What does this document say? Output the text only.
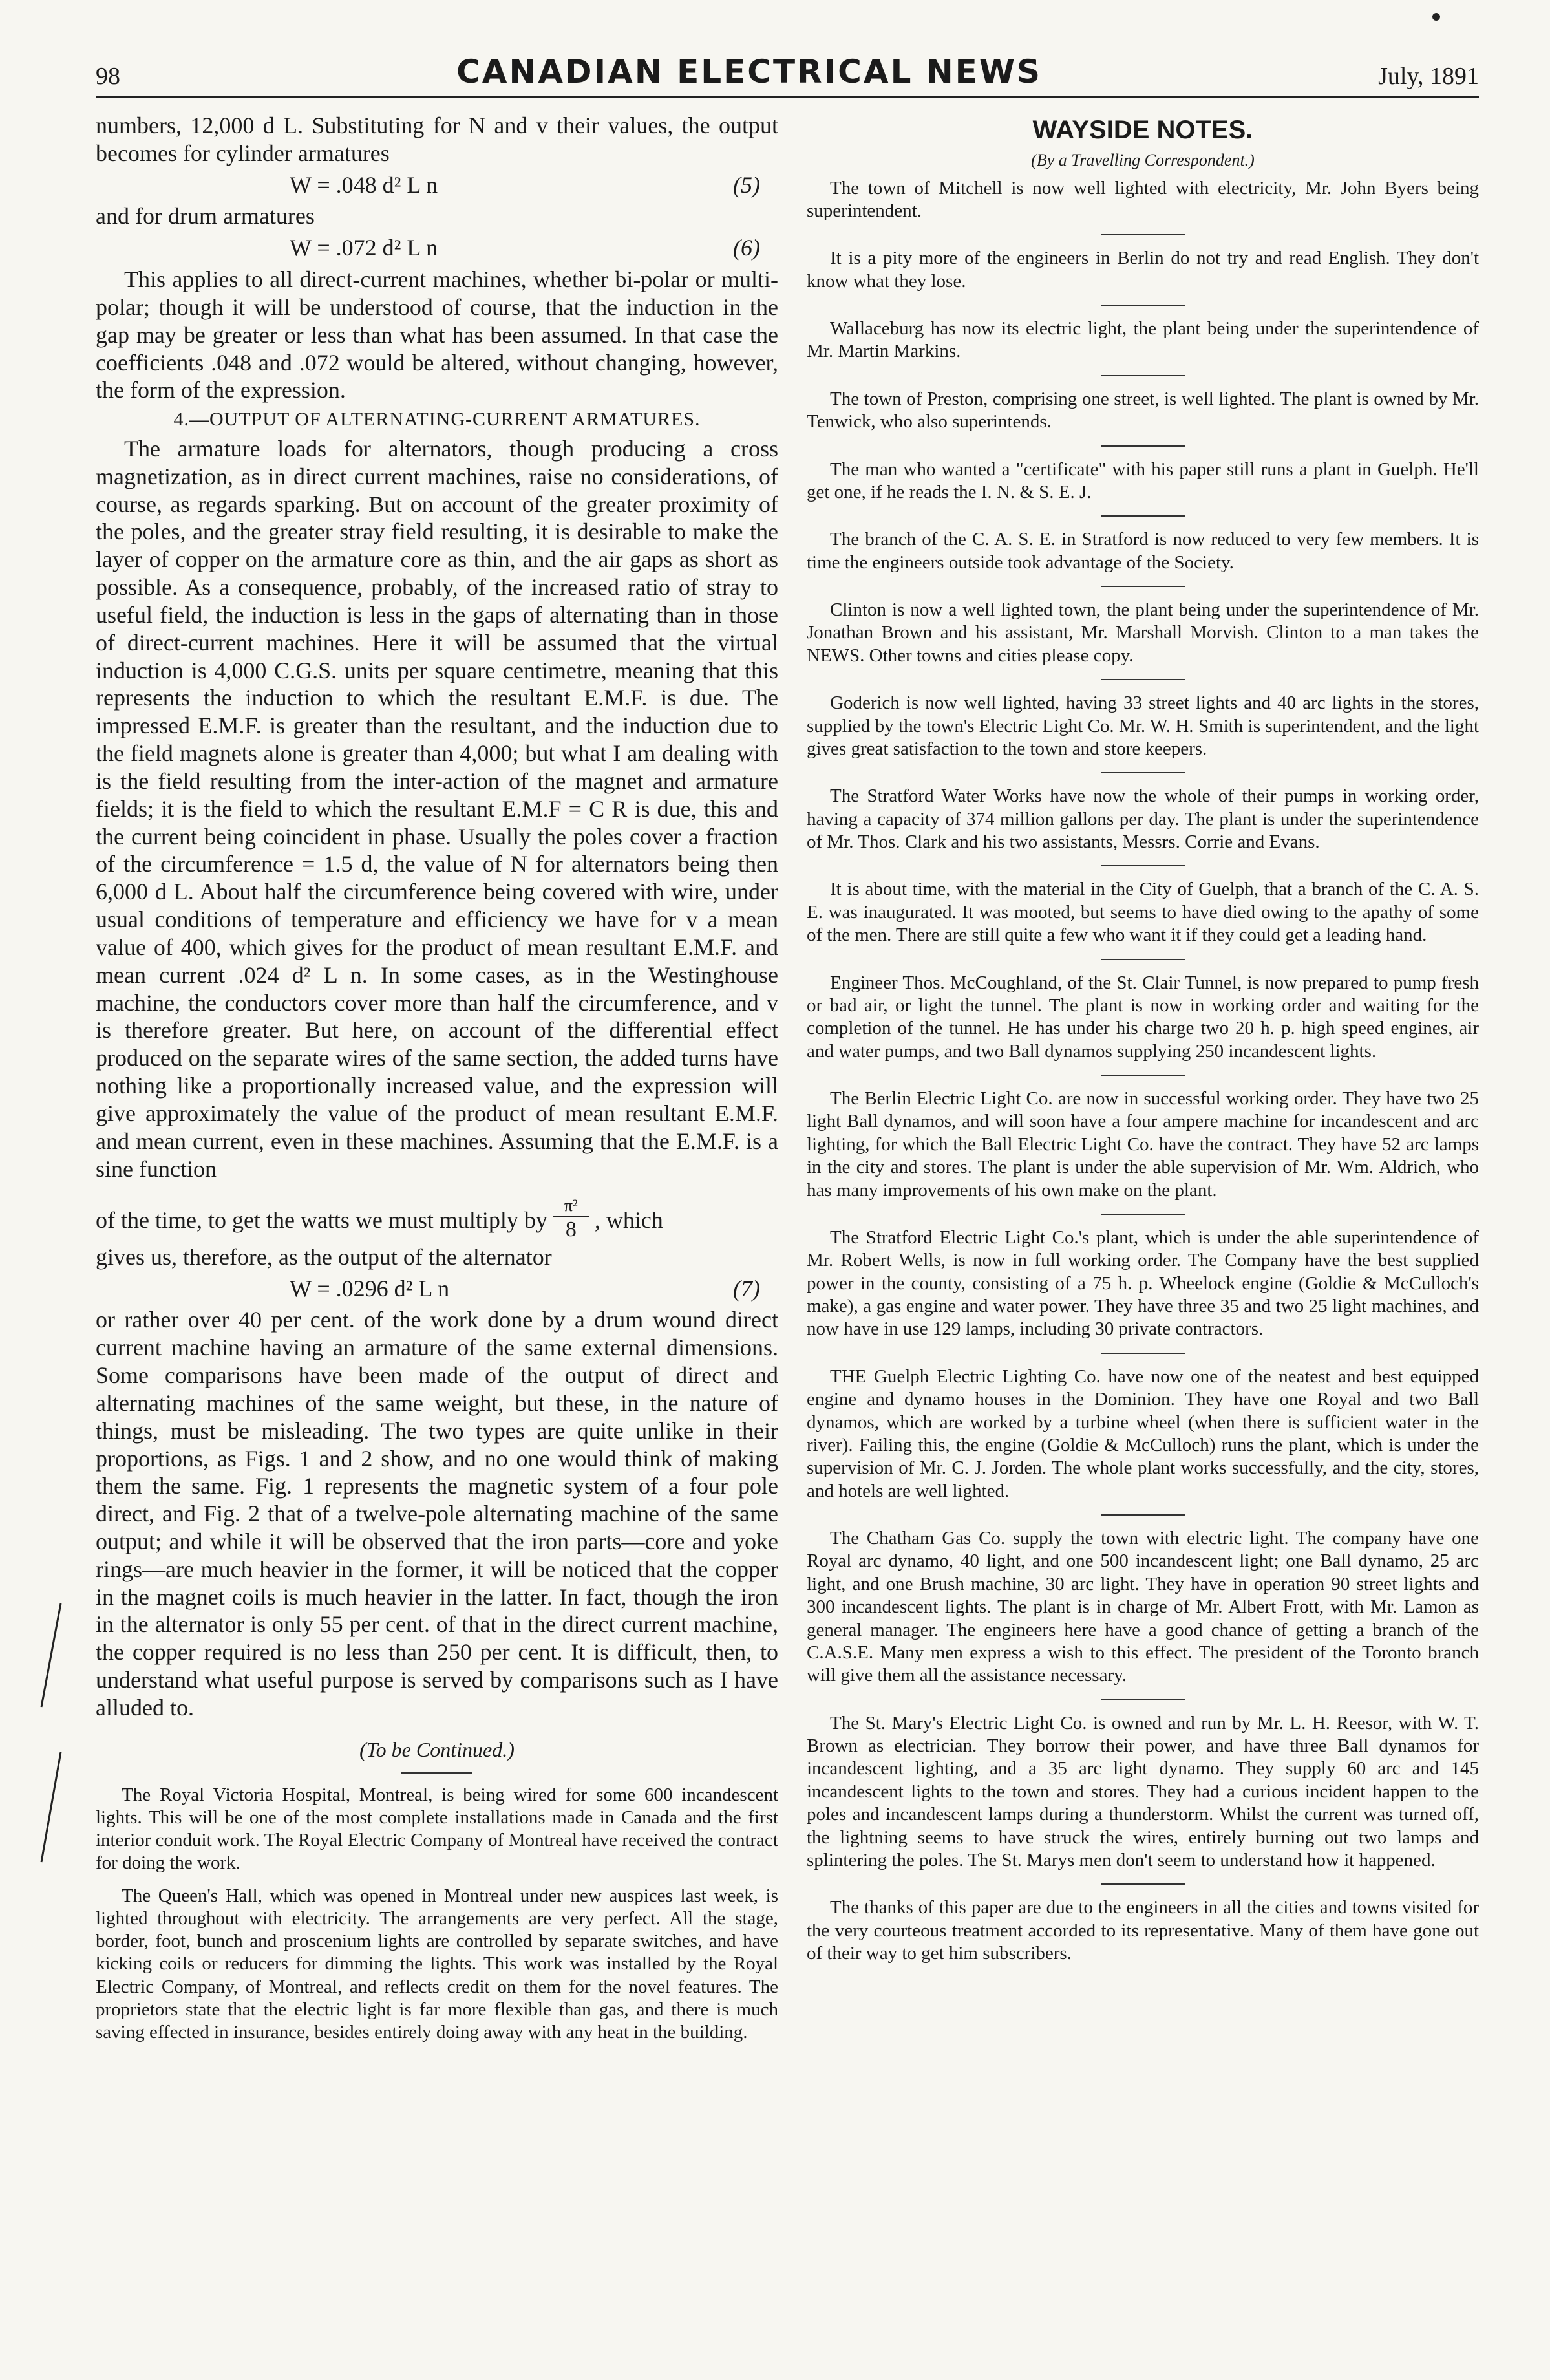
98	CANADIAN ELECTRICAL NEWS	July, 1891

numbers, 12,000 d L. Substituting for N and v their values, the output becomes for cylinder armatures

W = .048 d² L n	(5)

and for drum armatures

W = .072 d² L n	(6)

This applies to all direct-current machines, whether bi-polar or multi-polar; though it will be understood of course, that the induction in the gap may be greater or less than what has been assumed. In that case the coefficients .048 and .072 would be altered, without changing, however, the form of the expression.

4.—OUTPUT OF ALTERNATING-CURRENT ARMATURES.

The armature loads for alternators, though producing a cross magnetization, as in direct current machines, raise no considerations, of course, as regards sparking. But on account of the greater proximity of the poles, and the greater stray field resulting, it is desirable to make the layer of copper on the armature core as thin, and the air gaps as short as possible. As a consequence, probably, of the increased ratio of stray to useful field, the induction is less in the gaps of alternating than in those of direct-current machines. Here it will be assumed that the virtual induction is 4,000 C.G.S. units per square centimetre, meaning that this represents the induction to which the resultant E.M.F. is due. The impressed E.M.F. is greater than the resultant, and the induction due to the field magnets alone is greater than 4,000; but what I am dealing with is the field resulting from the inter-action of the magnet and armature fields; it is the field to which the resultant E.M.F = C R is due, this and the current being coincident in phase. Usually the poles cover a fraction of the circumference = 1.5 d, the value of N for alternators being then 6,000 d L. About half the circumference being covered with wire, under usual conditions of temperature and efficiency we have for v a mean value of 400, which gives for the product of mean resultant E.M.F. and mean current .024 d² L n. In some cases, as in the Westinghouse machine, the conductors cover more than half the circumference, and v is therefore greater. But here, on account of the differential effect produced on the separate wires of the same section, the added turns have nothing like a proportionally increased value, and the expression will give approximately the value of the product of mean resultant E.M.F. and mean current, even in these machines. Assuming that the E.M.F. is a sine function

of the time, to get the watts we must multiply by $\frac{\text{π²}}{8}$ , which

gives us, therefore, as the output of the alternator

W = .0296 d² L n	(7)

or rather over 40 per cent. of the work done by a drum wound direct current machine having an armature of the same external dimensions. Some comparisons have been made of the output of direct and alternating machines of the same weight, but these, in the nature of things, must be misleading. The two types are quite unlike in their proportions, as Figs. 1 and 2 show, and no one would think of making them the same. Fig. 1 represents the magnetic system of a four pole direct, and Fig. 2 that of a twelve-pole alternating machine of the same output; and while it will be observed that the iron parts—core and yoke rings—are much heavier in the former, it will be noticed that the copper in the magnet coils is much heavier in the latter. In fact, though the iron in the alternator is only 55 per cent. of that in the direct current machine, the copper required is no less than 250 per cent. It is difficult, then, to understand what useful purpose is served by comparisons such as I have alluded to.

(To be Continued.)

The Royal Victoria Hospital, Montreal, is being wired for some 600 incandescent lights. This will be one of the most complete installations made in Canada and the first interior conduit work. The Royal Electric Company of Montreal have received the contract for doing the work.

The Queen's Hall, which was opened in Montreal under new auspices last week, is lighted throughout with electricity. The arrangements are very perfect. All the stage, border, foot, bunch and proscenium lights are controlled by separate switches, and have kicking coils or reducers for dimming the lights. This work was installed by the Royal Electric Company, of Montreal, and reflects credit on them for the novel features. The proprietors state that the electric light is far more flexible than gas, and there is much saving effected in insurance, besides entirely doing away with any heat in the building.

WAYSIDE NOTES.
(By a Travelling Correspondent.)

The town of Mitchell is now well lighted with electricity, Mr. John Byers being superintendent.

It is a pity more of the engineers in Berlin do not try and read English. They don't know what they lose.

Wallaceburg has now its electric light, the plant being under the superintendence of Mr. Martin Markins.

The town of Preston, comprising one street, is well lighted. The plant is owned by Mr. Tenwick, who also superintends.

The man who wanted a "certificate" with his paper still runs a plant in Guelph. He'll get one, if he reads the I. N. & S. E. J.

The branch of the C. A. S. E. in Stratford is now reduced to very few members. It is time the engineers outside took advantage of the Society.

Clinton is now a well lighted town, the plant being under the superintendence of Mr. Jonathan Brown and his assistant, Mr. Marshall Morvish. Clinton to a man takes the NEWS. Other towns and cities please copy.

Goderich is now well lighted, having 33 street lights and 40 arc lights in the stores, supplied by the town's Electric Light Co. Mr. W. H. Smith is superintendent, and the light gives great satisfaction to the town and store keepers.

The Stratford Water Works have now the whole of their pumps in working order, having a capacity of 374 million gallons per day. The plant is under the superintendence of Mr. Thos. Clark and his two assistants, Messrs. Corrie and Evans.

It is about time, with the material in the City of Guelph, that a branch of the C. A. S. E. was inaugurated. It was mooted, but seems to have died owing to the apathy of some of the men. There are still quite a few who want it if they could get a leading hand.

Engineer Thos. McCoughland, of the St. Clair Tunnel, is now prepared to pump fresh or bad air, or light the tunnel. The plant is now in working order and waiting for the completion of the tunnel. He has under his charge two 20 h. p. high speed engines, air and water pumps, and two Ball dynamos supplying 250 incandescent lights.

The Berlin Electric Light Co. are now in successful working order. They have two 25 light Ball dynamos, and will soon have a four ampere machine for incandescent and arc lighting, for which the Ball Electric Light Co. have the contract. They have 52 arc lamps in the city and stores. The plant is under the able supervision of Mr. Wm. Aldrich, who has many improvements of his own make on the plant.

The Stratford Electric Light Co.'s plant, which is under the able superintendence of Mr. Robert Wells, is now in full working order. The Company have the best supplied power in the county, consisting of a 75 h. p. Wheelock engine (Goldie & McCulloch's make), a gas engine and water power. They have three 35 and two 25 light machines, and now have in use 129 lamps, including 30 private contractors.

THE Guelph Electric Lighting Co. have now one of the neatest and best equipped engine and dynamo houses in the Dominion. They have one Royal and two Ball dynamos, which are worked by a turbine wheel (when there is sufficient water in the river). Failing this, the engine (Goldie & McCulloch) runs the plant, which is under the supervision of Mr. C. J. Jorden. The whole plant works successfully, and the city, stores, and hotels are well lighted.

The Chatham Gas Co. supply the town with electric light. The company have one Royal arc dynamo, 40 light, and one 500 incandescent light; one Ball dynamo, 25 arc light, and one Brush machine, 30 arc light. They have in operation 90 street lights and 300 incandescent lights. The plant is in charge of Mr. Albert Frott, with Mr. Lamon as general manager. The engineers here have a good chance of getting a branch of the C.A.S.E. Many men express a wish to this effect. The president of the Toronto branch will give them all the assistance necessary.

The St. Mary's Electric Light Co. is owned and run by Mr. L. H. Reesor, with W. T. Brown as electrician. They borrow their power, and have three Ball dynamos for incandescent lighting, and a 35 arc light dynamo. They supply 60 arc and 145 incandescent lights to the town and stores. They had a curious incident happen to the poles and incandescent lamps during a thunderstorm. Whilst the current was turned off, the lightning seems to have struck the wires, entirely burning out two lamps and splintering the poles. The St. Marys men don't seem to understand how it happened.

The thanks of this paper are due to the engineers in all the cities and towns visited for the very courteous treatment accorded to its representative. Many of them have gone out of their way to get him subscribers.
